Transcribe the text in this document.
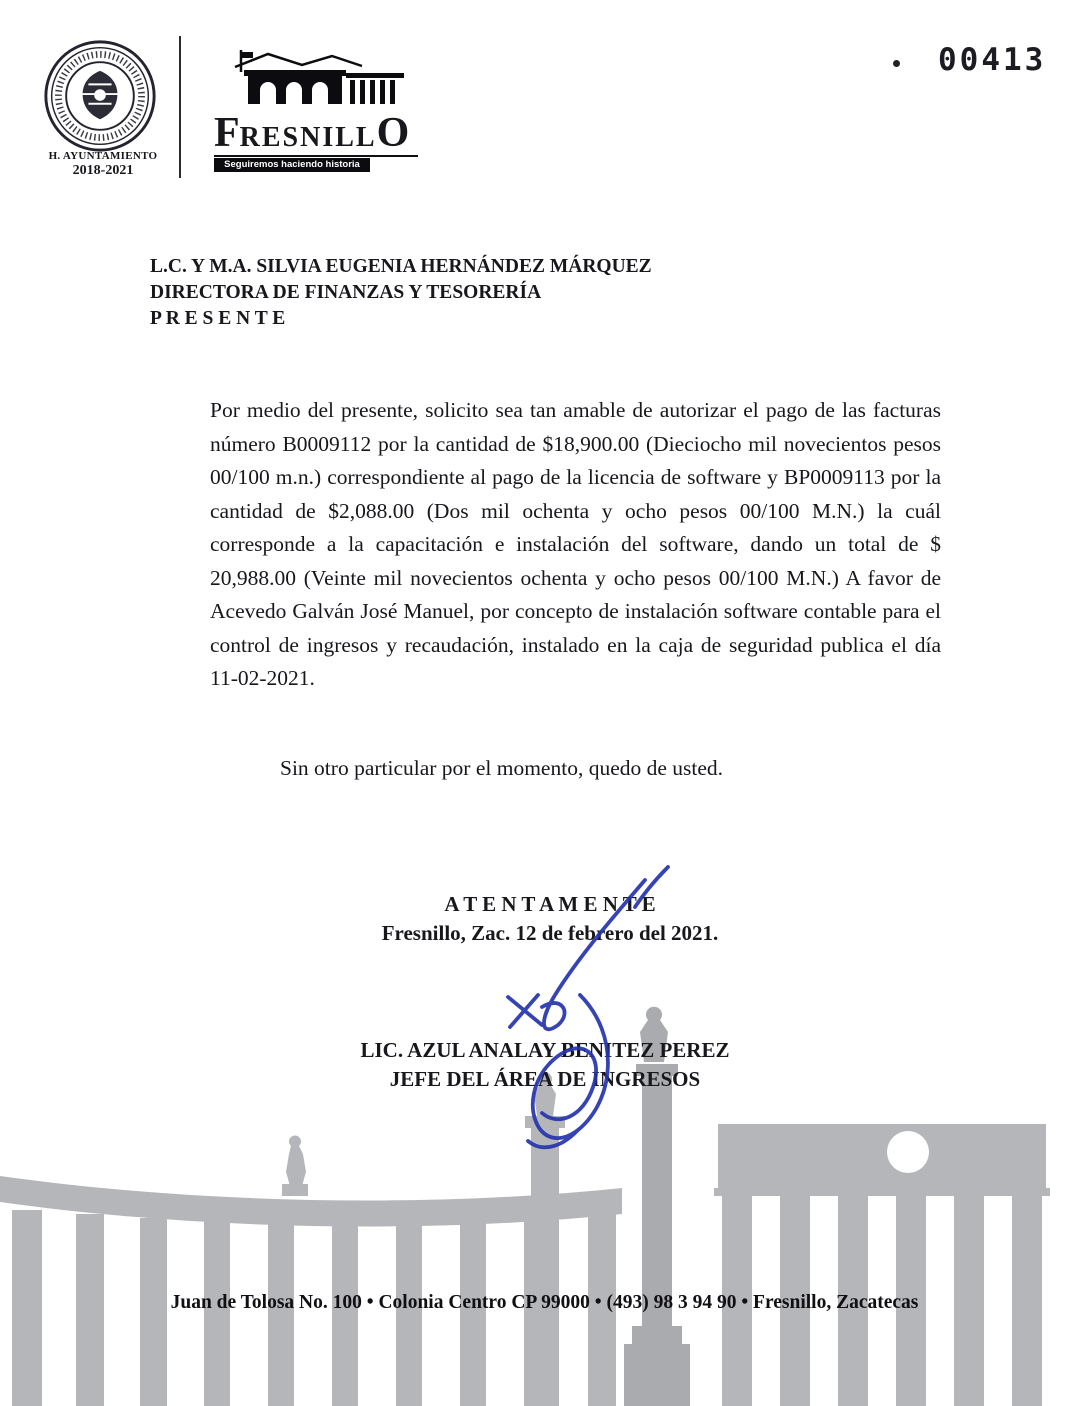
H. AYUNTAMIENTO
2018-2021
FRESNILLO
Seguiremos haciendo historia
00413
L.C. Y M.A. SILVIA EUGENIA HERNÁNDEZ MÁRQUEZ
DIRECTORA DE FINANZAS Y TESORERÍA
P R E S E N T E
Por medio del presente, solicito sea tan amable de autorizar el pago de las facturas número B0009112 por la cantidad de $18,900.00 (Dieciocho mil novecientos pesos 00/100 m.n.) correspondiente al pago de la licencia de software y BP0009113 por la cantidad de $2,088.00 (Dos mil ochenta y ocho pesos 00/100 M.N.) la cuál corresponde a la capacitación e instalación del software, dando un total de $ 20,988.00 (Veinte mil novecientos ochenta y ocho pesos 00/100 M.N.) A favor de Acevedo Galván José Manuel, por concepto de instalación software contable para el control de ingresos y recaudación, instalado en la caja de seguridad publica el día 11-02-2021.
Sin otro particular por el momento, quedo de usted.
A T E N T A M E N T E
Fresnillo, Zac. 12 de febrero del 2021.
LIC. AZUL ANALAY BENITEZ PEREZ
JEFE DEL ÁREA DE INGRESOS
Juan de Tolosa No. 100 • Colonia Centro CP 99000 • (493) 98 3 94 90 • Fresnillo, Zacatecas
